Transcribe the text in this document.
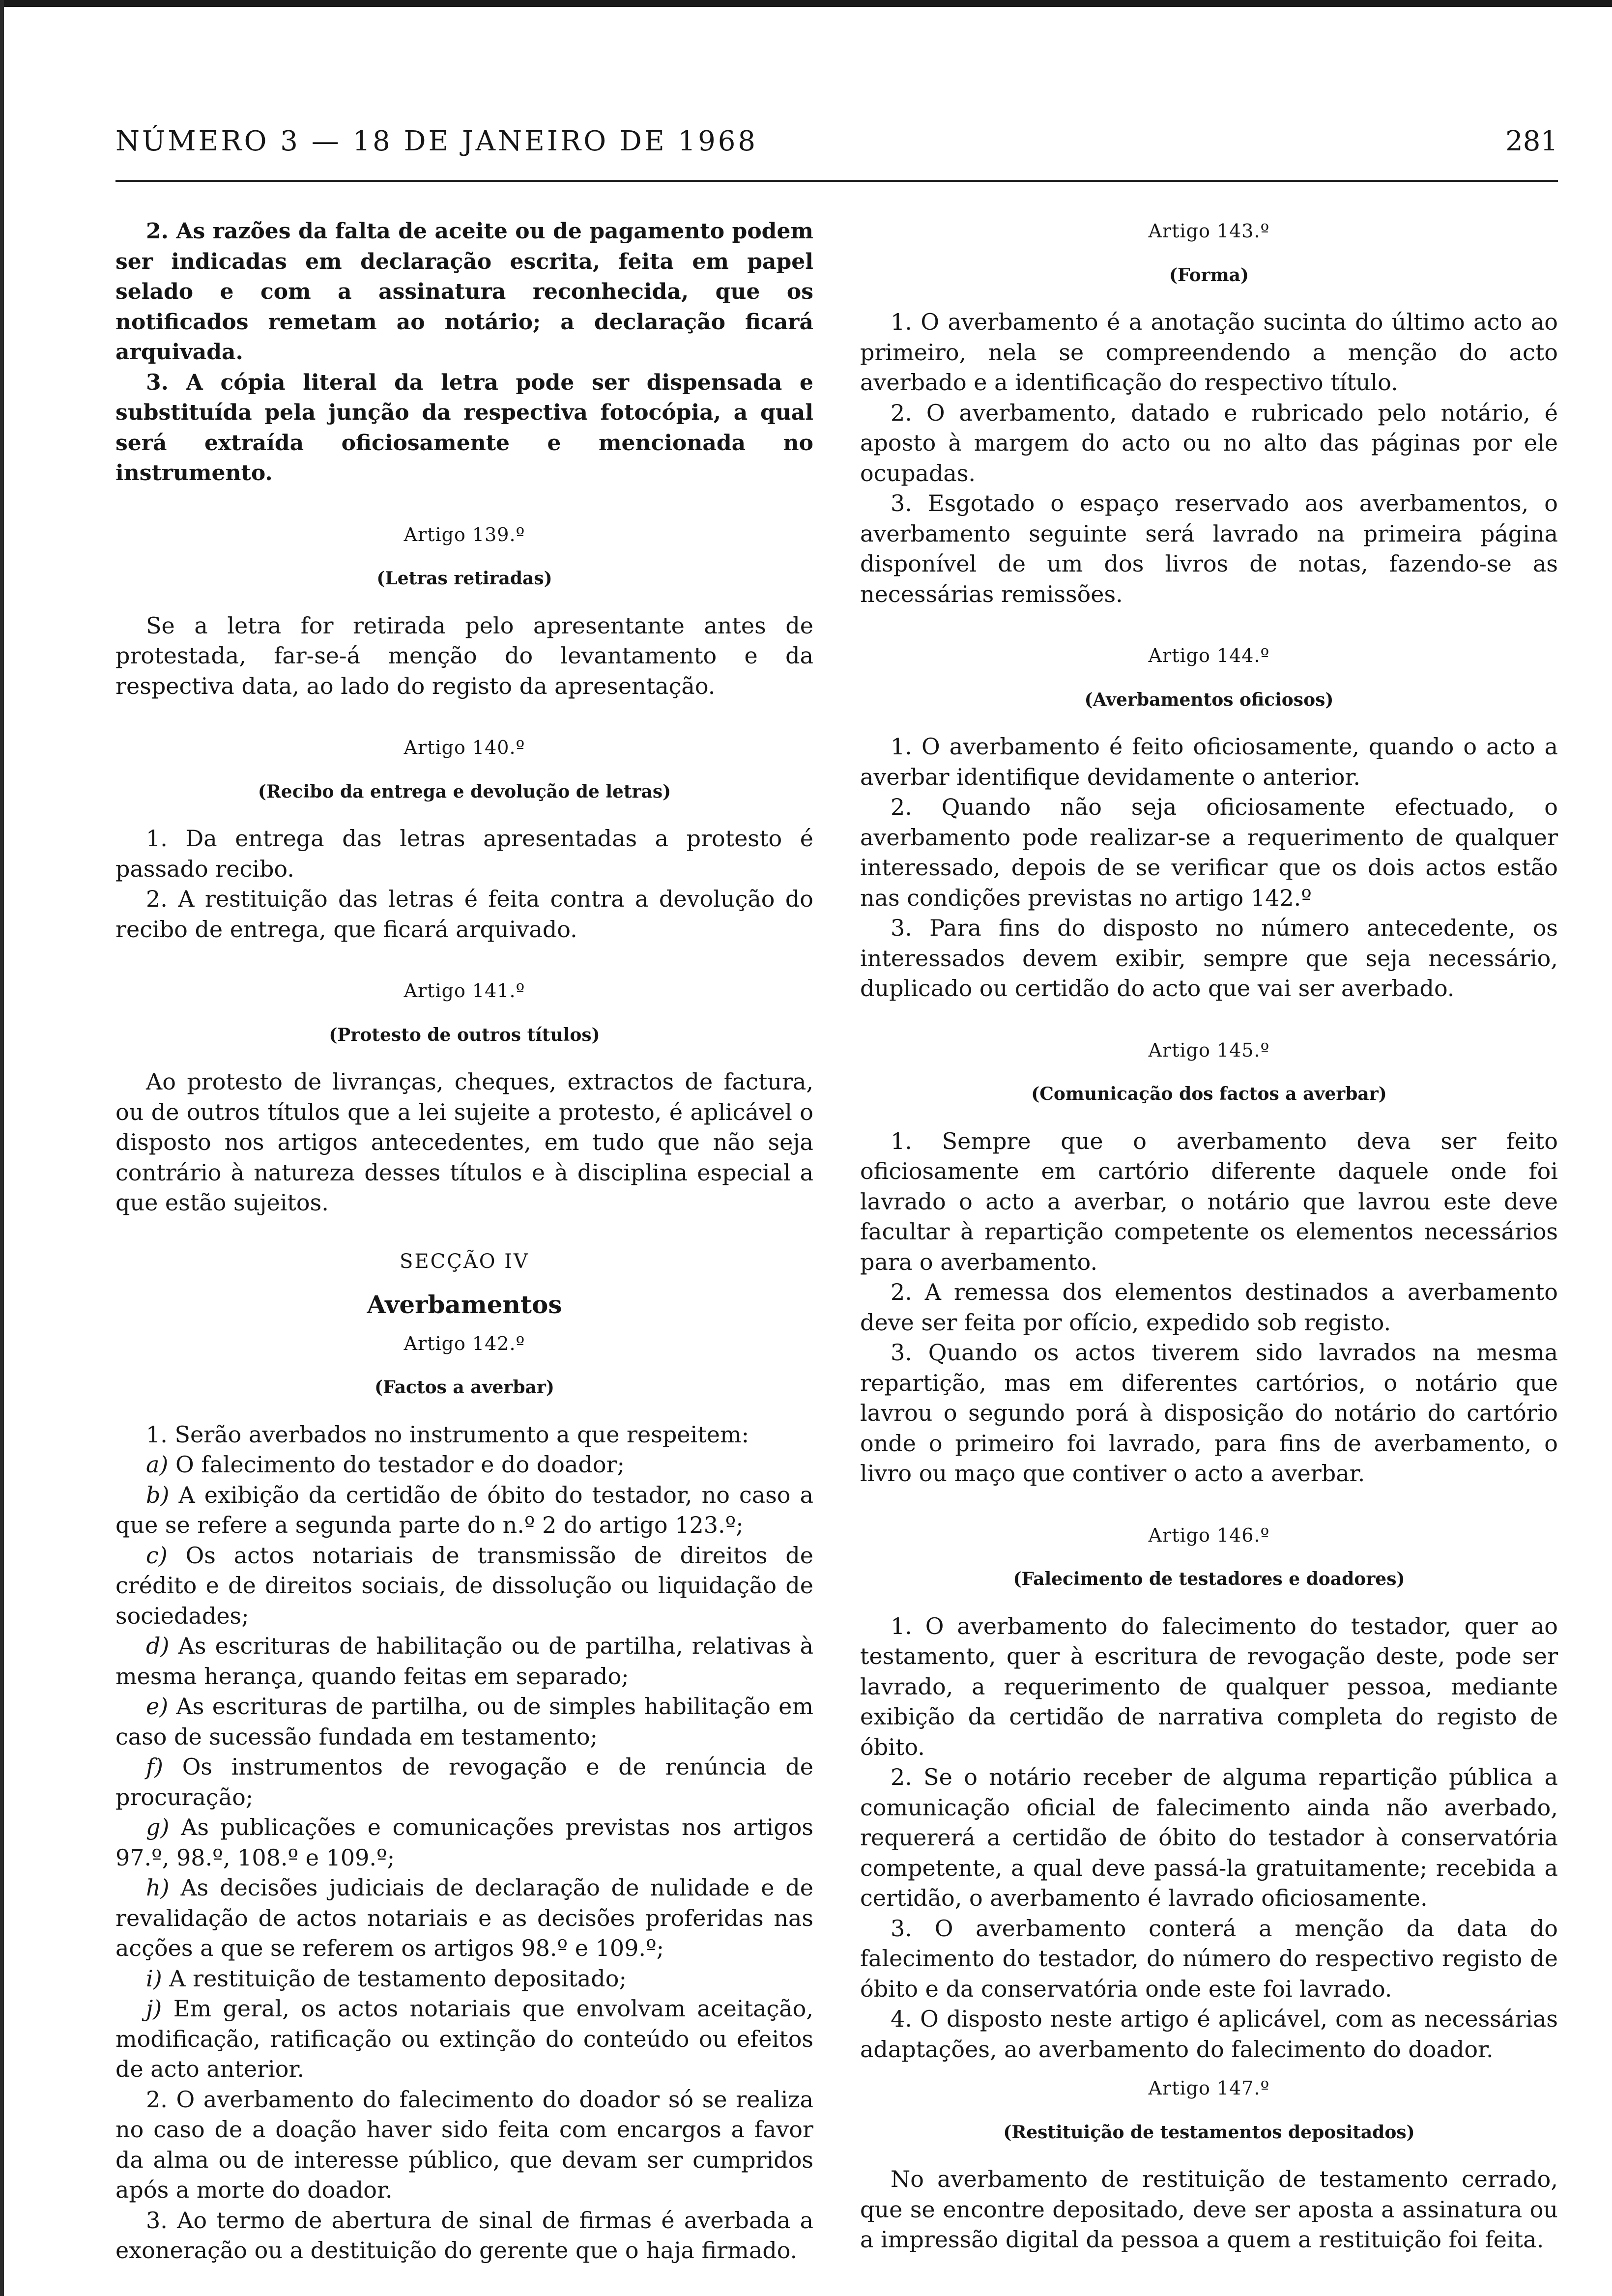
NÚMERO 3 — 18 DE JANEIRO DE 1968	281

2. As razões da falta de aceite ou de pagamento podem ser indicadas em declaração escrita, feita em papel selado e com a assinatura reconhecida, que os notificados remetam ao notário; a declaração ficará arquivada.

3. A cópia literal da letra pode ser dispensada e substituída pela junção da respectiva fotocópia, a qual será extraída oficiosamente e mencionada no instrumento.

Artigo 139.º

(Letras retiradas)

Se a letra for retirada pelo apresentante antes de protestada, far-se-á menção do levantamento e da respectiva data, ao lado do registo da apresentação.

Artigo 140.º

(Recibo da entrega e devolução de letras)

1. Da entrega das letras apresentadas a protesto é passado recibo.

2. A restituição das letras é feita contra a devolução do recibo de entrega, que ficará arquivado.

Artigo 141.º

(Protesto de outros títulos)

Ao protesto de livranças, cheques, extractos de factura, ou de outros títulos que a lei sujeite a protesto, é aplicável o disposto nos artigos antecedentes, em tudo que não seja contrário à natureza desses títulos e à disciplina especial a que estão sujeitos.

SECÇÃO IV

Averbamentos

Artigo 142.º

(Factos a averbar)

1. Serão averbados no instrumento a que respeitem:

a) O falecimento do testador e do doador;

b) A exibição da certidão de óbito do testador, no caso a que se refere a segunda parte do n.º 2 do artigo 123.º;

c) Os actos notariais de transmissão de direitos de crédito e de direitos sociais, de dissolução ou liquidação de sociedades;

d) As escrituras de habilitação ou de partilha, relativas à mesma herança, quando feitas em separado;

e) As escrituras de partilha, ou de simples habilitação em caso de sucessão fundada em testamento;

f) Os instrumentos de revogação e de renúncia de procuração;

g) As publicações e comunicações previstas nos artigos 97.º, 98.º, 108.º e 109.º;

h) As decisões judiciais de declaração de nulidade e de revalidação de actos notariais e as decisões proferidas nas acções a que se referem os artigos 98.º e 109.º;

i) A restituição de testamento depositado;

j) Em geral, os actos notariais que envolvam aceitação, modificação, ratificação ou extinção do conteúdo ou efeitos de acto anterior.

2. O averbamento do falecimento do doador só se realiza no caso de a doação haver sido feita com encargos a favor da alma ou de interesse público, que devam ser cumpridos após a morte do doador.

3. Ao termo de abertura de sinal de firmas é averbada a exoneração ou a destituição do gerente que o haja firmado.

Artigo 143.º

(Forma)

1. O averbamento é a anotação sucinta do último acto ao primeiro, nela se compreendendo a menção do acto averbado e a identificação do respectivo título.

2. O averbamento, datado e rubricado pelo notário, é aposto à margem do acto ou no alto das páginas por ele ocupadas.

3. Esgotado o espaço reservado aos averbamentos, o averbamento seguinte será lavrado na primeira página disponível de um dos livros de notas, fazendo-se as necessárias remissões.

Artigo 144.º

(Averbamentos oficiosos)

1. O averbamento é feito oficiosamente, quando o acto a averbar identifique devidamente o anterior.

2. Quando não seja oficiosamente efectuado, o averbamento pode realizar-se a requerimento de qualquer interessado, depois de se verificar que os dois actos estão nas condições previstas no artigo 142.º

3. Para fins do disposto no número antecedente, os interessados devem exibir, sempre que seja necessário, duplicado ou certidão do acto que vai ser averbado.

Artigo 145.º

(Comunicação dos factos a averbar)

1. Sempre que o averbamento deva ser feito oficiosamente em cartório diferente daquele onde foi lavrado o acto a averbar, o notário que lavrou este deve facultar à repartição competente os elementos necessários para o averbamento.

2. A remessa dos elementos destinados a averbamento deve ser feita por ofício, expedido sob registo.

3. Quando os actos tiverem sido lavrados na mesma repartição, mas em diferentes cartórios, o notário que lavrou o segundo porá à disposição do notário do cartório onde o primeiro foi lavrado, para fins de averbamento, o livro ou maço que contiver o acto a averbar.

Artigo 146.º

(Falecimento de testadores e doadores)

1. O averbamento do falecimento do testador, quer ao testamento, quer à escritura de revogação deste, pode ser lavrado, a requerimento de qualquer pessoa, mediante exibição da certidão de narrativa completa do registo de óbito.

2. Se o notário receber de alguma repartição pública a comunicação oficial de falecimento ainda não averbado, requererá a certidão de óbito do testador à conservatória competente, a qual deve passá-la gratuitamente; recebida a certidão, o averbamento é lavrado oficiosamente.

3. O averbamento conterá a menção da data do falecimento do testador, do número do respectivo registo de óbito e da conservatória onde este foi lavrado.

4. O disposto neste artigo é aplicável, com as necessárias adaptações, ao averbamento do falecimento do doador.

Artigo 147.º

(Restituição de testamentos depositados)

No averbamento de restituição de testamento cerrado, que se encontre depositado, deve ser aposta a assinatura ou a impressão digital da pessoa a quem a restituição foi feita.
